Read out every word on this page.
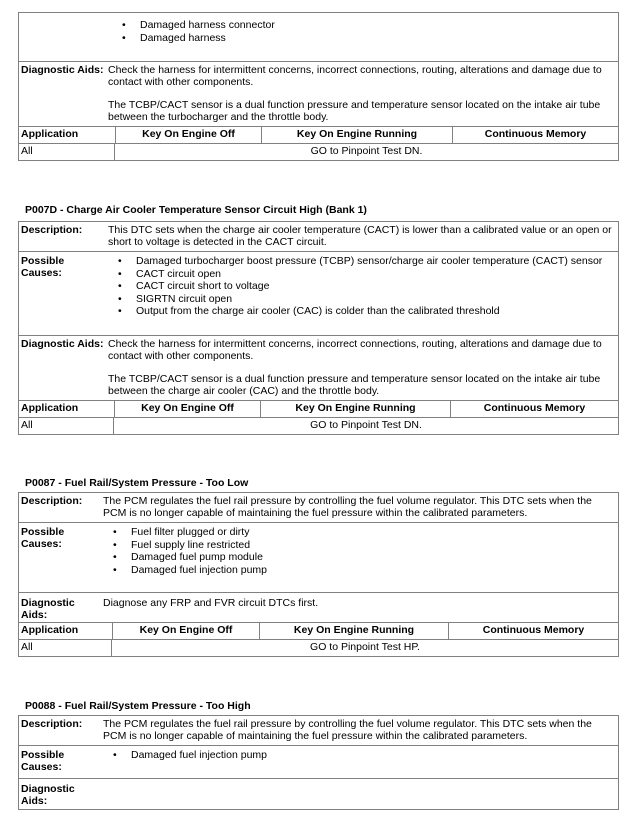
• Damaged harness connector
• Damaged harness
Diagnostic Aids: Check the harness for intermittent concerns, incorrect connections, routing, alterations and damage due to contact with other components.

The TCBP/CACT sensor is a dual function pressure and temperature sensor located on the intake air tube between the turbocharger and the throttle body.

Application	Key On Engine Off	Key On Engine Running	Continuous Memory
All	GO to Pinpoint Test DN.
P007D - Charge Air Cooler Temperature Sensor Circuit High (Bank 1)
Description:	This DTC sets when the charge air cooler temperature (CACT) is lower than a calibrated value or an open or short to voltage is detected in the CACT circuit.
Possible Causes:
• Damaged turbocharger boost pressure (TCBP) sensor/charge air cooler temperature (CACT) sensor
• CACT circuit open
• CACT circuit short to voltage
• SIGRTN circuit open
• Output from the charge air cooler (CAC) is colder than the calibrated threshold
Diagnostic Aids: Check the harness for intermittent concerns, incorrect connections, routing, alterations and damage due to contact with other components.

The TCBP/CACT sensor is a dual function pressure and temperature sensor located on the intake air tube between the charge air cooler (CAC) and the throttle body.

Application	Key On Engine Off	Key On Engine Running	Continuous Memory
All	GO to Pinpoint Test DN.
P0087 - Fuel Rail/System Pressure - Too Low
Description:	The PCM regulates the fuel rail pressure by controlling the fuel volume regulator. This DTC sets when the PCM is no longer capable of maintaining the fuel pressure within the calibrated parameters.
Possible Causes:
• Fuel filter plugged or dirty
• Fuel supply line restricted
• Damaged fuel pump module
• Damaged fuel injection pump
Diagnostic Aids:

Diagnose any FRP and FVR circuit DTCs first.

Application	Key On Engine Off	Key On Engine Running	Continuous Memory
All	GO to Pinpoint Test HP.
P0088 - Fuel Rail/System Pressure - Too High
Description:	The PCM regulates the fuel rail pressure by controlling the fuel volume regulator. This DTC sets when the PCM is no longer capable of maintaining the fuel pressure within the calibrated parameters.
Possible Causes:
• Damaged fuel injection pump
Diagnostic Aids:
